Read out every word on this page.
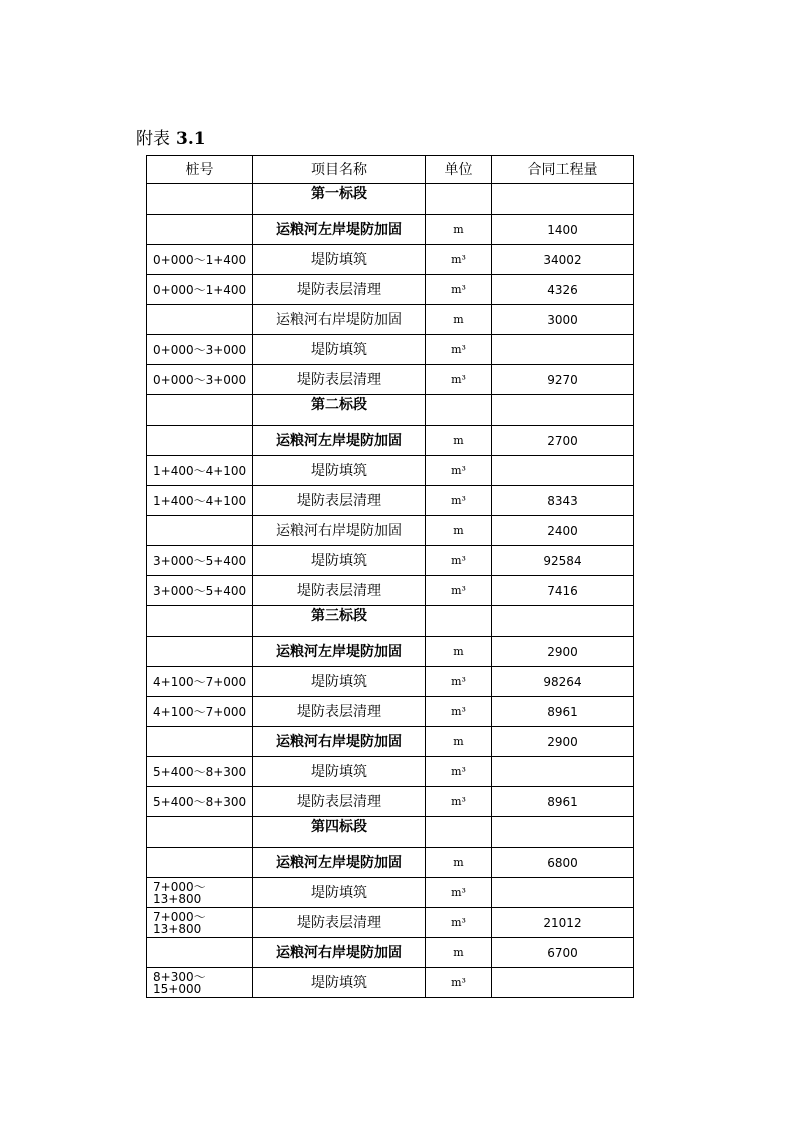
附表 3.1
桩号	项目名称	单位	合同工程量
	第一标段		
	运粮河左岸堤防加固	m	1400
0+000～1+400	堤防填筑	m³	34002
0+000～1+400	堤防表层清理	m³	4326
	运粮河右岸堤防加固	m	3000
0+000～3+000	堤防填筑	m³	
0+000～3+000	堤防表层清理	m³	9270
	第二标段		
	运粮河左岸堤防加固	m	2700
1+400～4+100	堤防填筑	m³	
1+400～4+100	堤防表层清理	m³	8343
	运粮河右岸堤防加固	m	2400
3+000～5+400	堤防填筑	m³	92584
3+000～5+400	堤防表层清理	m³	7416
	第三标段		
	运粮河左岸堤防加固	m	2900
4+100～7+000	堤防填筑	m³	98264
4+100～7+000	堤防表层清理	m³	8961
	运粮河右岸堤防加固	m	2900
5+400～8+300	堤防填筑	m³	
5+400～8+300	堤防表层清理	m³	8961
	第四标段		
	运粮河左岸堤防加固	m	6800
7+000～13+800	堤防填筑	m³	
7+000～13+800	堤防表层清理	m³	21012
	运粮河右岸堤防加固	m	6700
8+300～15+000	堤防填筑	m³	
